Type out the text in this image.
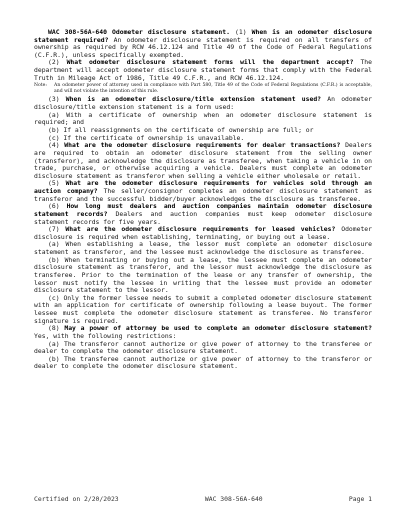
WAC 308-56A-640 Odometer disclosure statement. (1) When is an odometer disclosure statement required? An odometer disclosure statement is required on all transfers of ownership as required by RCW 46.12.124 and Title 49 of the Code of Federal Regulations (C.F.R.), unless specifically exempted.

(2) What odometer disclosure statement forms will the department accept? The department will accept odometer disclosure statement forms that comply with the Federal Truth in Mileage Act of 1986, Title 49 C.F.R., and RCW 46.12.124.

Note:	An odometer power of attorney used in compliance with Part 580, Title 49 of the Code of Federal Regulations (C.F.R.) is acceptable, and will not violate the intention of this rule.

(3) When is an odometer disclosure/title extension statement used? An odometer disclosure/title extension statement is a form used:

(a) With a certificate of ownership when an odometer disclosure statement is required; and

(b) If all reassignments on the certificate of ownership are full; or

(c) If the certificate of ownership is unavailable.

(4) What are the odometer disclosure requirements for dealer transactions? Dealers are required to obtain an odometer disclosure statement from the selling owner (transferor), and acknowledge the disclosure as transferee, when taking a vehicle in on trade, purchase, or otherwise acquiring a vehicle. Dealers must complete an odometer disclosure statement as transferor when selling a vehicle either wholesale or retail.

(5) What are the odometer disclosure requirements for vehicles sold through an auction company? The seller/consignor completes an odometer disclosure statement as transferor and the successful bidder/buyer acknowledges the disclosure as transferee.

(6) How long must dealers and auction companies maintain odometer disclosure statement records? Dealers and auction companies must keep odometer disclosure statement records for five years.

(7) What are the odometer disclosure requirements for leased vehicles? Odometer disclosure is required when establishing, terminating, or buying out a lease.

(a) When establishing a lease, the lessor must complete an odometer disclosure statement as transferor, and the lessee must acknowledge the disclosure as transferee.

(b) When terminating or buying out a lease, the lessee must complete an odometer disclosure statement as transferor, and the lessor must acknowledge the disclosure as transferee. Prior to the termination of the lease or any transfer of ownership, the lessor must notify the lessee in writing that the lessee must provide an odometer disclosure statement to the lessor.

(c) Only the former lessee needs to submit a completed odometer disclosure statement with an application for certificate of ownership following a lease buyout. The former lessee must complete the odometer disclosure statement as transferee. No transferor signature is required.

(8) May a power of attorney be used to complete an odometer disclosure statement? Yes, with the following restrictions:

(a) The transferor cannot authorize or give power of attorney to the transferee or dealer to complete the odometer disclosure statement.

(b) The transferee cannot authorize or give power of attorney to the transferor or dealer to complete the odometer disclosure statement.

Certified on 2/20/2023	WAC 308-56A-640	Page 1
